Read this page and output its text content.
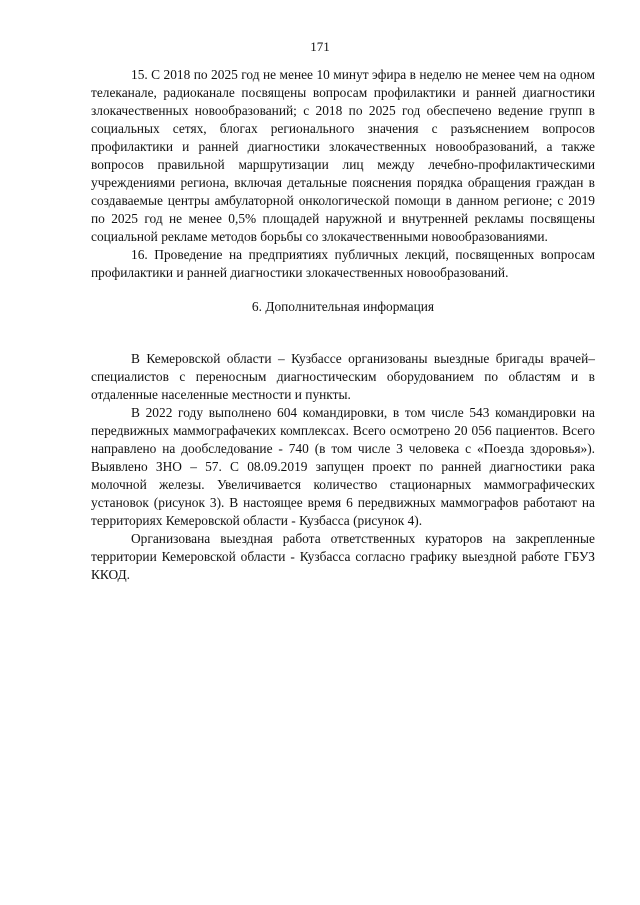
171

15. С 2018 по 2025 год не менее 10 минут эфира в неделю не менее чем на одном телеканале, радиоканале посвящены вопросам профилактики и ранней диагностики злокачественных новообразований; с 2018 по 2025 год обеспечено ведение групп в социальных сетях, блогах регионального значения с разъяснением вопросов профилактики и ранней диагностики злокачественных новообразований, а также вопросов правильной маршрутизации лиц между лечебно-профилактическими учреждениями региона, включая детальные пояснения порядка обращения граждан в создаваемые центры амбулаторной онкологической помощи в данном регионе; с 2019 по 2025 год не менее 0,5% площадей наружной и внутренней рекламы посвящены социальной рекламе методов борьбы со злокачественными новообразованиями.

16. Проведение на предприятиях публичных лекций, посвященных вопросам профилактики и ранней диагностики злокачественных новообразований.

6. Дополнительная информация

В Кемеровской области – Кузбассе организованы выездные бригады врачей–специалистов с переносным диагностическим оборудованием по областям и в отдаленные населенные местности и пункты.

В 2022 году выполнено 604 командировки, в том числе 543 командировки на передвижных маммографачеких комплексах. Всего осмотрено 20 056 пациентов. Всего направлено на дообследование - 740 (в том числе 3 человека с «Поезда здоровья»). Выявлено ЗНО – 57. С 08.09.2019 запущен проект по ранней диагностики рака молочной железы. Увеличивается количество стационарных маммографических установок (рисунок 3). В настоящее время 6 передвижных маммографов работают на территориях Кемеровской области - Кузбасса (рисунок 4).

Организована выездная работа ответственных кураторов на закрепленные территории Кемеровской области - Кузбасса согласно графику выездной работе ГБУЗ ККОД.
